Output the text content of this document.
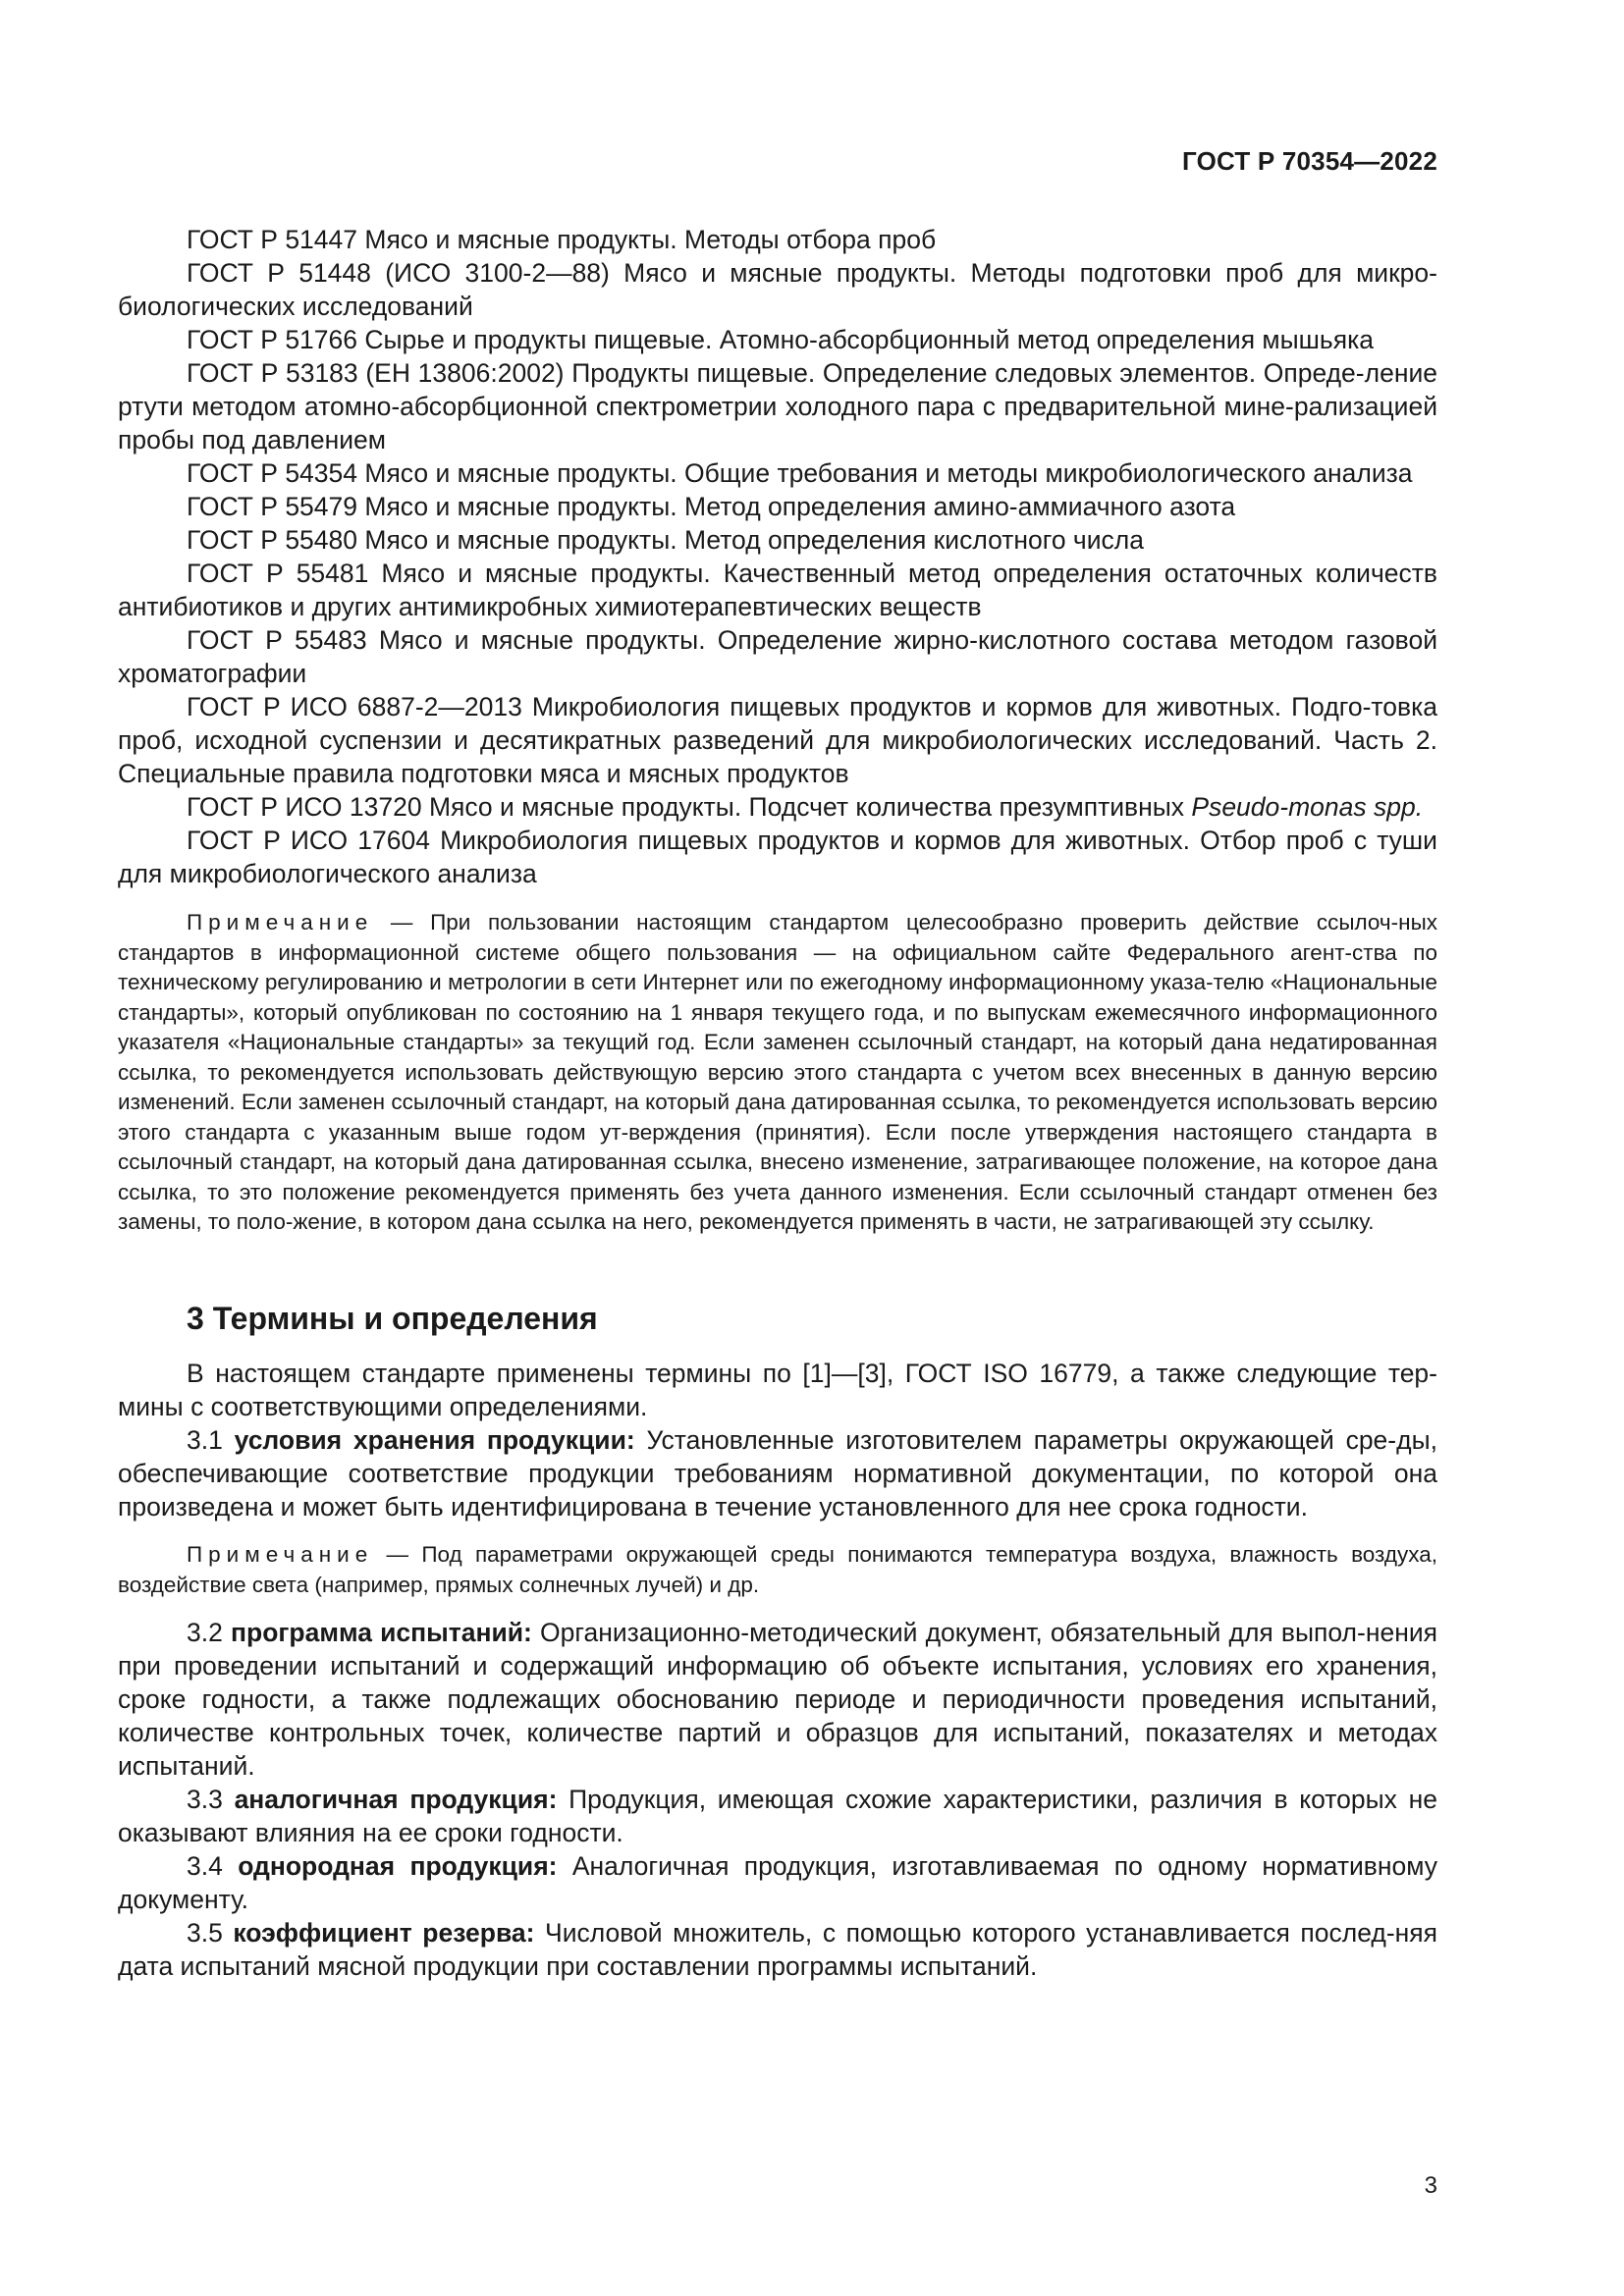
ГОСТ Р 70354—2022

ГОСТ Р 51447 Мясо и мясные продукты. Методы отбора проб

ГОСТ Р 51448 (ИСО 3100-2—88) Мясо и мясные продукты. Методы подготовки проб для микро-биологических исследований

ГОСТ Р 51766 Сырье и продукты пищевые. Атомно-абсорбционный метод определения мышьяка

ГОСТ Р 53183 (ЕН 13806:2002) Продукты пищевые. Определение следовых элементов. Опреде-ление ртути методом атомно-абсорбционной спектрометрии холодного пара с предварительной мине-рализацией пробы под давлением

ГОСТ Р 54354 Мясо и мясные продукты. Общие требования и методы микробиологического анализа

ГОСТ Р 55479 Мясо и мясные продукты. Метод определения амино-аммиачного азота

ГОСТ Р 55480 Мясо и мясные продукты. Метод определения кислотного числа

ГОСТ Р 55481 Мясо и мясные продукты. Качественный метод определения остаточных количеств антибиотиков и других антимикробных химиотерапевтических веществ

ГОСТ Р 55483 Мясо и мясные продукты. Определение жирно-кислотного состава методом газовой хроматографии

ГОСТ Р ИСО 6887-2—2013 Микробиология пищевых продуктов и кормов для животных. Подго-товка проб, исходной суспензии и десятикратных разведений для микробиологических исследований. Часть 2. Специальные правила подготовки мяса и мясных продуктов

ГОСТ Р ИСО 13720 Мясо и мясные продукты. Подсчет количества презумптивных Pseudo-monas spp.

ГОСТ Р ИСО 17604 Микробиология пищевых продуктов и кормов для животных. Отбор проб с туши для микробиологического анализа

Примечание — При пользовании настоящим стандартом целесообразно проверить действие ссылоч-ных стандартов в информационной системе общего пользования — на официальном сайте Федерального агент-ства по техническому регулированию и метрологии в сети Интернет или по ежегодному информационному указа-телю «Национальные стандарты», который опубликован по состоянию на 1 января текущего года, и по выпускам ежемесячного информационного указателя «Национальные стандарты» за текущий год. Если заменен ссылочный стандарт, на который дана недатированная ссылка, то рекомендуется использовать действующую версию этого стандарта с учетом всех внесенных в данную версию изменений. Если заменен ссылочный стандарт, на который дана датированная ссылка, то рекомендуется использовать версию этого стандарта с указанным выше годом ут-верждения (принятия). Если после утверждения настоящего стандарта в ссылочный стандарт, на который дана датированная ссылка, внесено изменение, затрагивающее положение, на которое дана ссылка, то это положение рекомендуется применять без учета данного изменения. Если ссылочный стандарт отменен без замены, то поло-жение, в котором дана ссылка на него, рекомендуется применять в части, не затрагивающей эту ссылку.

3 Термины и определения

В настоящем стандарте применены термины по [1]—[3], ГОСТ ISO 16779, а также следующие тер-мины с соответствующими определениями.

3.1 условия хранения продукции: Установленные изготовителем параметры окружающей сре-ды, обеспечивающие соответствие продукции требованиям нормативной документации, по которой она произведена и может быть идентифицирована в течение установленного для нее срока годности.

Примечание — Под параметрами окружающей среды понимаются температура воздуха, влажность воздуха, воздействие света (например, прямых солнечных лучей) и др.

3.2 программа испытаний: Организационно-методический документ, обязательный для выпол-нения при проведении испытаний и содержащий информацию об объекте испытания, условиях его хранения, сроке годности, а также подлежащих обоснованию периоде и периодичности проведения испытаний, количестве контрольных точек, количестве партий и образцов для испытаний, показателях и методах испытаний.

3.3 аналогичная продукция: Продукция, имеющая схожие характеристики, различия в которых не оказывают влияния на ее сроки годности.

3.4 однородная продукция: Аналогичная продукция, изготавливаемая по одному нормативному документу.

3.5 коэффициент резерва: Числовой множитель, с помощью которого устанавливается послед-няя дата испытаний мясной продукции при составлении программы испытаний.

3
